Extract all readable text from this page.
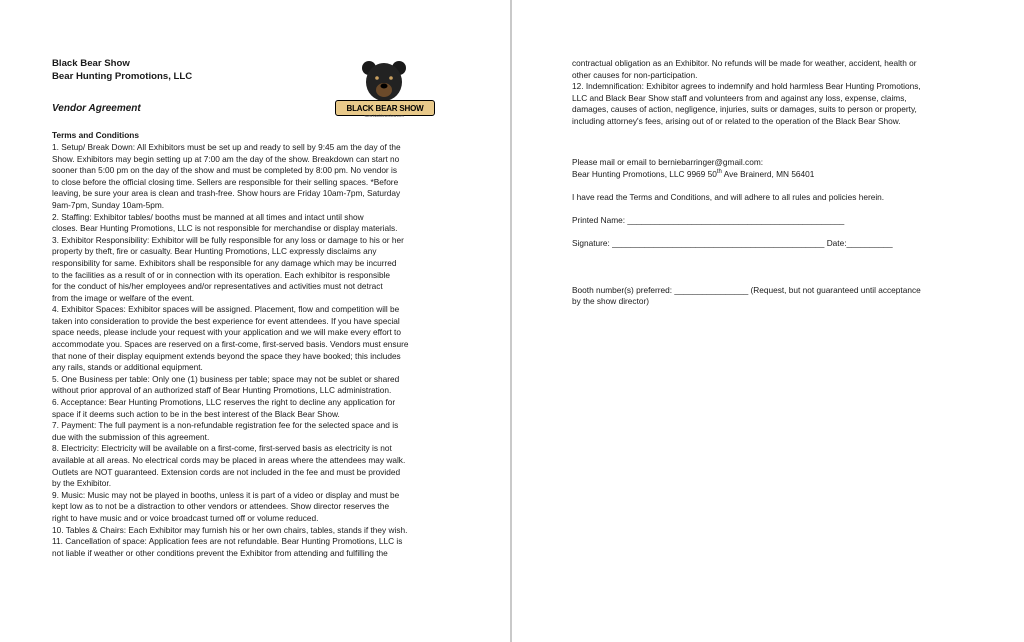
BLACK BEAR SHOW
www.blackbearshow.com
Black Bear Show
Bear Hunting Promotions, LLC
Vendor Agreement
Terms and Conditions
1. Setup/ Break Down: All Exhibitors must be set up and ready to sell by 9:45 am the day of the
Show. Exhibitors may begin setting up at 7:00 am the day of the show. Breakdown can start no
sooner than 5:00 pm on the day of the show and must be completed by 8:00 pm. No vendor is
to close before the official closing time. Sellers are responsible for their selling spaces. *Before
leaving, be sure your area is clean and trash-free. Show hours are Friday 10am-7pm, Saturday
9am-7pm, Sunday 10am-5pm.
2. Staffing: Exhibitor tables/ booths must be manned at all times and intact until show
closes. Bear Hunting Promotions, LLC is not responsible for merchandise or display materials.
3. Exhibitor Responsibility: Exhibitor will be fully responsible for any loss or damage to his or her
property by theft, fire or casualty. Bear Hunting Promotions, LLC expressly disclaims any
responsibility for same. Exhibitors shall be responsible for any damage which may be incurred
to the facilities as a result of or in connection with its operation. Each exhibitor is responsible
for the conduct of his/her employees and/or representatives and activities must not detract
from the image or welfare of the event.
4. Exhibitor Spaces: Exhibitor spaces will be assigned. Placement, flow and competition will be
taken into consideration to provide the best experience for event attendees. If you have special
space needs, please include your request with your application and we will make every effort to
accommodate you. Spaces are reserved on a first-come, first-served basis. Vendors must ensure
that none of their display equipment extends beyond the space they have booked; this includes
any rails, stands or additional equipment.
5. One Business per table: Only one (1) business per table; space may not be sublet or shared
without prior approval of an authorized staff of Bear Hunting Promotions, LLC administration.
6. Acceptance: Bear Hunting Promotions, LLC reserves the right to decline any application for
space if it deems such action to be in the best interest of the Black Bear Show.
7. Payment: The full payment is a non-refundable registration fee for the selected space and is
due with the submission of this agreement.
8. Electricity: Electricity will be available on a first-come, first-served basis as electricity is not
available at all areas. No electrical cords may be placed in areas where the attendees may walk.
Outlets are NOT guaranteed. Extension cords are not included in the fee and must be provided
by the Exhibitor.
9. Music: Music may not be played in booths, unless it is part of a video or display and must be
kept low as to not be a distraction to other vendors or attendees. Show director reserves the
right to have music and or voice broadcast turned off or volume reduced.
10. Tables & Chairs: Each Exhibitor may furnish his or her own chairs, tables, stands if they wish.
11. Cancellation of space: Application fees are not refundable. Bear Hunting Promotions, LLC is
not liable if weather or other conditions prevent the Exhibitor from attending and fulfilling the
contractual obligation as an Exhibitor. No refunds will be made for weather, accident, health or
other causes for non-participation.
12. Indemnification: Exhibitor agrees to indemnify and hold harmless Bear Hunting Promotions,
LLC and Black Bear Show staff and volunteers from and against any loss, expense, claims,
damages, causes of action, negligence, injuries, suits or damages, suits to person or property,
including attorney's fees, arising out of or related to the operation of the Black Bear Show.
Please mail or email to berniebarringer@gmail.com:
Bear Hunting Promotions, LLC 9969 50th Ave Brainerd, MN 56401
I have read the Terms and Conditions, and will adhere to all rules and policies herein.
Printed Name: _______________________________________________
Signature: ______________________________________________ Date:__________
Booth number(s) preferred: ________________ (Request, but not guaranteed until acceptance
by the show director)
